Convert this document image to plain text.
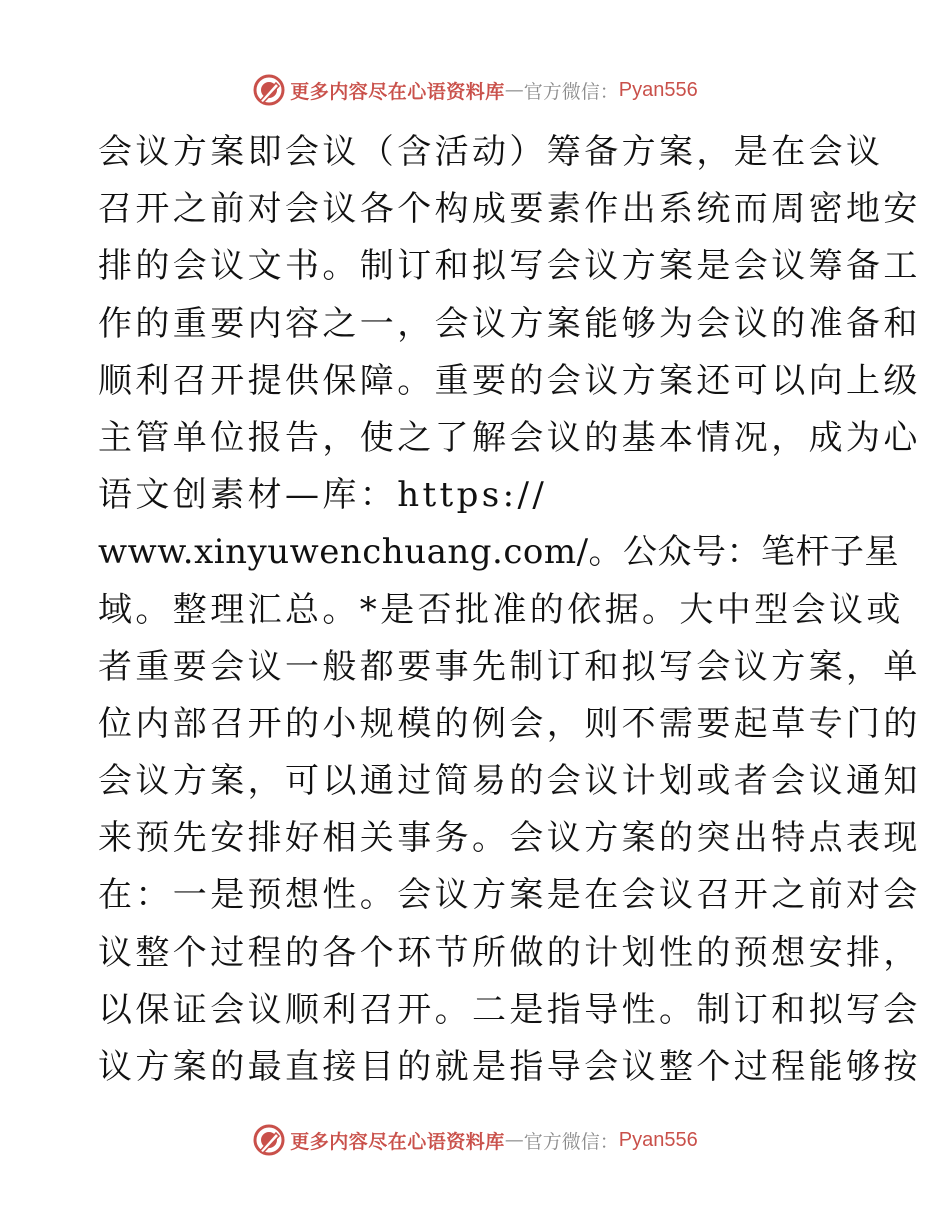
更多内容尽在心语资料库 — 官方微信： Pyan556
会议方案即会议（含活动）筹备方案，是在会议
召开之前对会议各个构成要素作出系统而周密地安
排的会议文书。制订和拟写会议方案是会议筹备工
作的重要内容之一，会议方案能够为会议的准备和
顺利召开提供保障。重要的会议方案还可以向上级
主管单位报告，使之了解会议的基本情况，成为心
语文创素材—库：https://
www.xinyuwenchuang.com/。公众号：笔杆子星
域。整理汇总。*是否批准的依据。大中型会议或
者重要会议一般都要事先制订和拟写会议方案，单
位内部召开的小规模的例会，则不需要起草专门的
会议方案，可以通过简易的会议计划或者会议通知
来预先安排好相关事务。会议方案的突出特点表现
在：一是预想性。会议方案是在会议召开之前对会
议整个过程的各个环节所做的计划性的预想安排，
以保证会议顺利召开。二是指导性。制订和拟写会
议方案的最直接目的就是指导会议整个过程能够按
更多内容尽在心语资料库 — 官方微信： Pyan556
